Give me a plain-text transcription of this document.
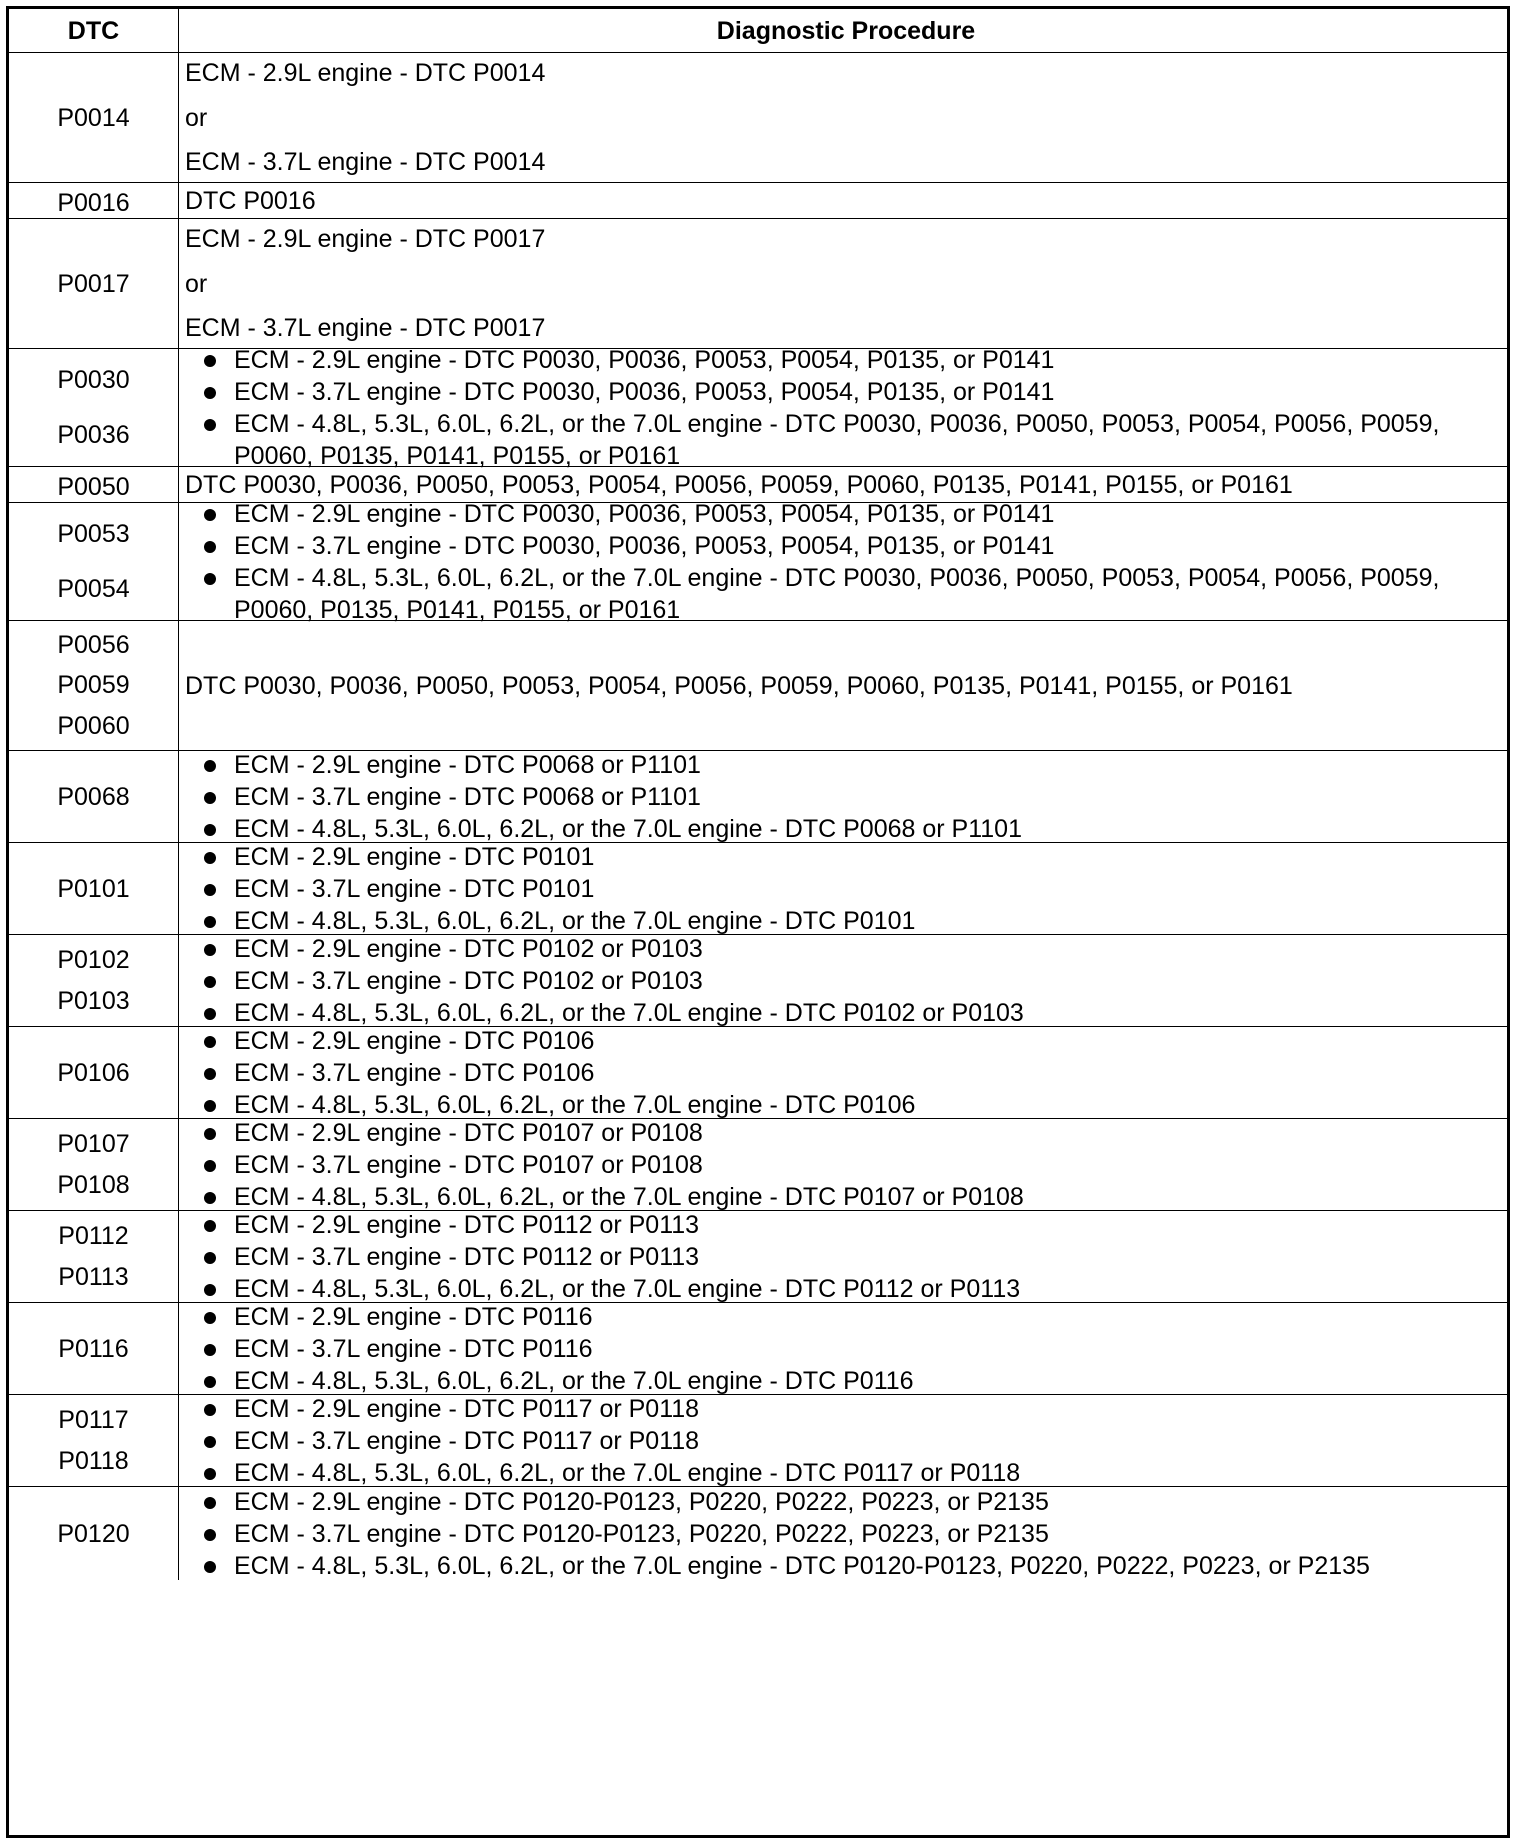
DTC	Diagnostic Procedure
P0014
ECM - 2.9L engine - DTC P0014
or
ECM - 3.7L engine - DTC P0014
P0016 DTC P0016
P0017
ECM - 2.9L engine - DTC P0017
or
ECM - 3.7L engine - DTC P0017
P0030
P0036
ECM - 2.9L engine - DTC P0030, P0036, P0053, P0054, P0135, or P0141
ECM - 3.7L engine - DTC P0030, P0036, P0053, P0054, P0135, or P0141
ECM - 4.8L, 5.3L, 6.0L, 6.2L, or the 7.0L engine - DTC P0030, P0036, P0050, P0053, P0054, P0056, P0059, P0060, P0135, P0141, P0155, or P0161
P0050 DTC P0030, P0036, P0050, P0053, P0054, P0056, P0059, P0060, P0135, P0141, P0155, or P0161
P0053
P0054
ECM - 2.9L engine - DTC P0030, P0036, P0053, P0054, P0135, or P0141
ECM - 3.7L engine - DTC P0030, P0036, P0053, P0054, P0135, or P0141
ECM - 4.8L, 5.3L, 6.0L, 6.2L, or the 7.0L engine - DTC P0030, P0036, P0050, P0053, P0054, P0056, P0059, P0060, P0135, P0141, P0155, or P0161
P0056
P0059
P0060
DTC P0030, P0036, P0050, P0053, P0054, P0056, P0059, P0060, P0135, P0141, P0155, or P0161
P0068
ECM - 2.9L engine - DTC P0068 or P1101
ECM - 3.7L engine - DTC P0068 or P1101
ECM - 4.8L, 5.3L, 6.0L, 6.2L, or the 7.0L engine - DTC P0068 or P1101
P0101
ECM - 2.9L engine - DTC P0101
ECM - 3.7L engine - DTC P0101
ECM - 4.8L, 5.3L, 6.0L, 6.2L, or the 7.0L engine - DTC P0101
P0102
P0103
ECM - 2.9L engine - DTC P0102 or P0103
ECM - 3.7L engine - DTC P0102 or P0103
ECM - 4.8L, 5.3L, 6.0L, 6.2L, or the 7.0L engine - DTC P0102 or P0103
P0106
ECM - 2.9L engine - DTC P0106
ECM - 3.7L engine - DTC P0106
ECM - 4.8L, 5.3L, 6.0L, 6.2L, or the 7.0L engine - DTC P0106
P0107
P0108
ECM - 2.9L engine - DTC P0107 or P0108
ECM - 3.7L engine - DTC P0107 or P0108
ECM - 4.8L, 5.3L, 6.0L, 6.2L, or the 7.0L engine - DTC P0107 or P0108
P0112
P0113
ECM - 2.9L engine - DTC P0112 or P0113
ECM - 3.7L engine - DTC P0112 or P0113
ECM - 4.8L, 5.3L, 6.0L, 6.2L, or the 7.0L engine - DTC P0112 or P0113
P0116
ECM - 2.9L engine - DTC P0116
ECM - 3.7L engine - DTC P0116
ECM - 4.8L, 5.3L, 6.0L, 6.2L, or the 7.0L engine - DTC P0116
P0117
P0118
ECM - 2.9L engine - DTC P0117 or P0118
ECM - 3.7L engine - DTC P0117 or P0118
ECM - 4.8L, 5.3L, 6.0L, 6.2L, or the 7.0L engine - DTC P0117 or P0118
P0120
ECM - 2.9L engine - DTC P0120-P0123, P0220, P0222, P0223, or P2135
ECM - 3.7L engine - DTC P0120-P0123, P0220, P0222, P0223, or P2135
ECM - 4.8L, 5.3L, 6.0L, 6.2L, or the 7.0L engine - DTC P0120-P0123, P0220, P0222, P0223, or P2135
